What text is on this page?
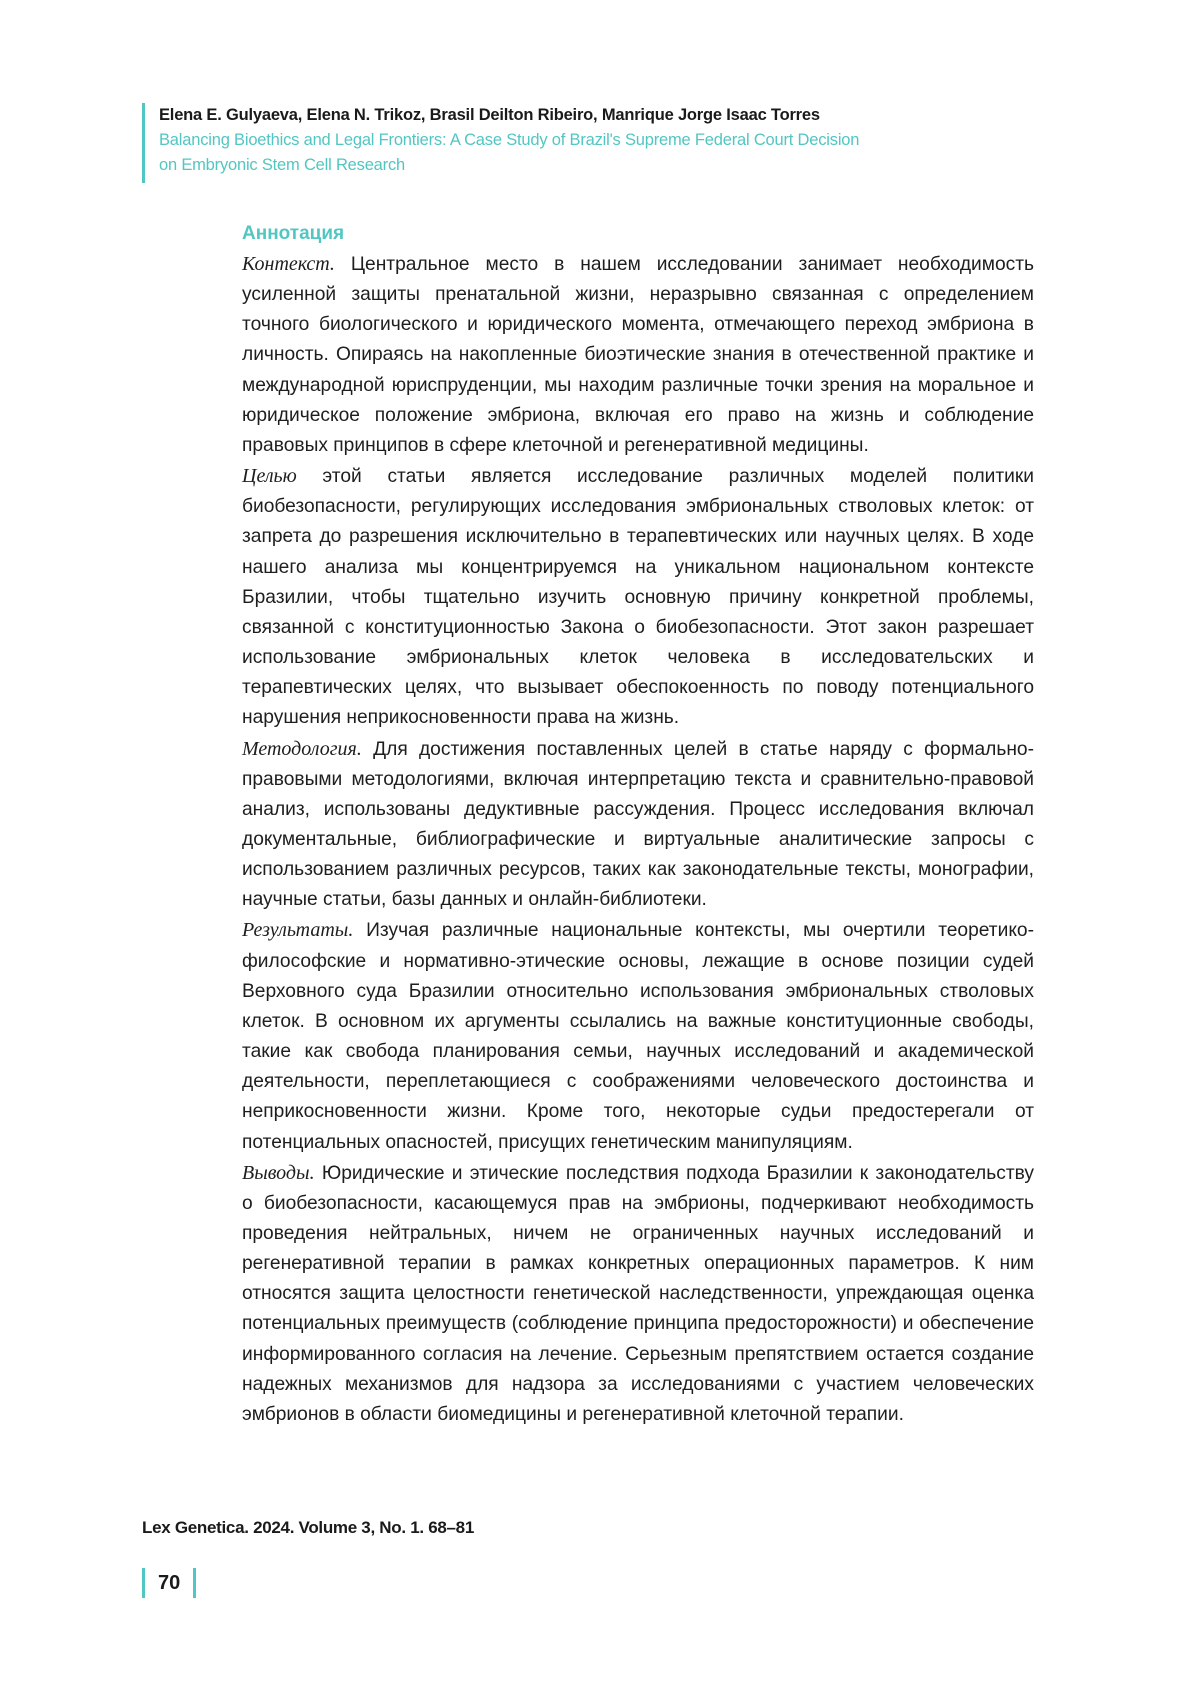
Elena E. Gulyaeva, Elena N. Trikoz, Brasil Deilton Ribeiro, Manrique Jorge Isaac Torres
Balancing Bioethics and Legal Frontiers: A Case Study of Brazil's Supreme Federal Court Decision
on Embryonic Stem Cell Research
Аннотация

Контекст. Центральное место в нашем исследовании занимает необходимость усиленной защиты пренатальной жизни, неразрывно связанная с определением точного биологического и юридического момента, отмечающего переход эмбриона в личность. Опираясь на накопленные биоэтические знания в отечественной практике и международной юриспруденции, мы находим различные точки зрения на моральное и юридическое положение эмбриона, включая его право на жизнь и соблюдение правовых принципов в сфере клеточной и регенеративной медицины.

Целью этой статьи является исследование различных моделей политики биобезопасности, регулирующих исследования эмбриональных стволовых клеток: от запрета до разрешения исключительно в терапевтических или научных целях. В ходе нашего анализа мы концентрируемся на уникальном национальном контексте Бразилии, чтобы тщательно изучить основную причину конкретной проблемы, связанной с конституционностью Закона о биобезопасности. Этот закон разрешает использование эмбриональных клеток человека в исследовательских и терапевтических целях, что вызывает обеспокоенность по поводу потенциального нарушения неприкосновенности права на жизнь.

Методология. Для достижения поставленных целей в статье наряду с формально-правовыми методологиями, включая интерпретацию текста и сравнительно-правовой анализ, использованы дедуктивные рассуждения. Процесс исследования включал документальные, библиографические и виртуальные аналитические запросы с использованием различных ресурсов, таких как законодательные тексты, монографии, научные статьи, базы данных и онлайн-библиотеки.

Результаты. Изучая различные национальные контексты, мы очертили теоретико-философские и нормативно-этические основы, лежащие в основе позиции судей Верховного суда Бразилии относительно использования эмбриональных стволовых клеток. В основном их аргументы ссылались на важные конституционные свободы, такие как свобода планирования семьи, научных исследований и академической деятельности, переплетающиеся с соображениями человеческого достоинства и неприкосновенности жизни. Кроме того, некоторые судьи предостерегали от потенциальных опасностей, присущих генетическим манипуляциям.

Выводы. Юридические и этические последствия подхода Бразилии к законодательству о биобезопасности, касающемуся прав на эмбрионы, подчеркивают необходимость проведения нейтральных, ничем не ограниченных научных исследований и регенеративной терапии в рамках конкретных операционных параметров. К ним относятся защита целостности генетической наследственности, упреждающая оценка потенциальных преимуществ (соблюдение принципа предосторожности) и обеспечение информированного согласия на лечение. Серьезным препятствием остается создание надежных механизмов для надзора за исследованиями с участием человеческих эмбрионов в области биомедицины и регенеративной клеточной терапии.

Lex Genetica. 2024. Volume 3, No. 1. 68–81
70
